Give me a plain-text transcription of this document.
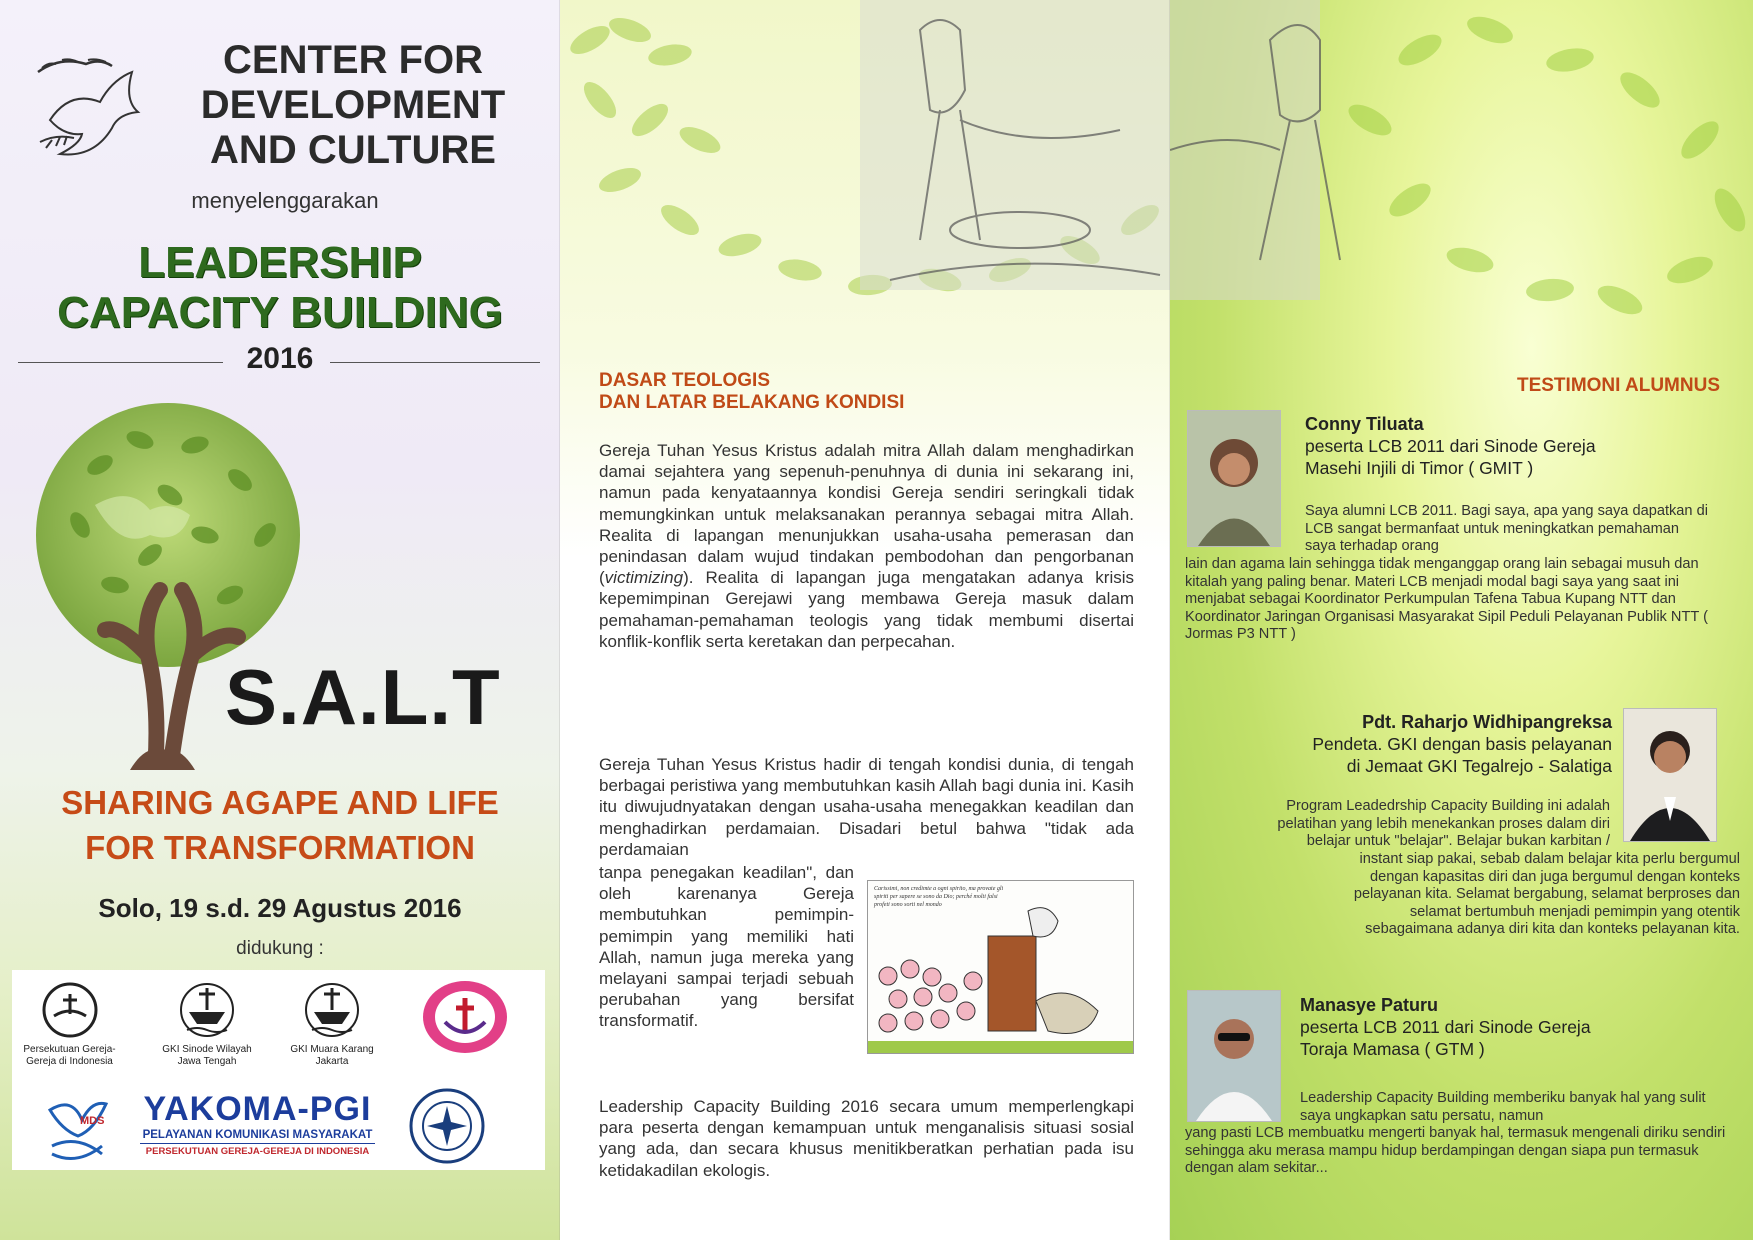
CENTER FOR
DEVELOPMENT
AND CULTURE
menyelenggarakan
LEADERSHIP
CAPACITY BUILDING
2016
S.A.L.T
SHARING AGAPE AND LIFE
FOR TRANSFORMATION
Solo, 19 s.d. 29 Agustus 2016
didukung :
Persekutuan Gereja-Gereja di Indonesia
GKI Sinode Wilayah Jawa Tengah
GKI Muara Karang Jakarta
MDS YAKOMA-PGI
PELAYANAN KOMUNIKASI MASYARAKAT
PERSEKUTUAN GEREJA-GEREJA DI INDONESIA
DASAR TEOLOGIS
DAN LATAR BELAKANG KONDISI
Gereja Tuhan Yesus Kristus adalah mitra Allah dalam menghadirkan damai sejahtera yang sepenuh-penuhnya di dunia ini sekarang ini, namun pada kenyataannya kondisi Gereja sendiri seringkali tidak memungkinkan untuk melaksanakan perannya sebagai mitra Allah. Realita di lapangan menunjukkan usaha-usaha pemerasan dan penindasan dalam wujud tindakan pembodohan dan pengorbanan (victimizing). Realita di lapangan juga mengatakan adanya krisis kepemimpinan Gerejawi yang membawa Gereja masuk dalam pemahaman-pemahaman teologis yang tidak membumi disertai konflik-konflik serta keretakan dan perpecahan.
Gereja Tuhan Yesus Kristus hadir di tengah kondisi dunia, di tengah berbagai peristiwa yang membutuhkan kasih Allah bagi dunia ini. Kasih itu diwujudnyatakan dengan usaha-usaha menegakkan keadilan dan menghadirkan perdamaian. Disadari betul bahwa "tidak ada perdamaian
tanpa penegakan keadilan", dan oleh karenanya Gereja membutuhkan pemimpin-pemimpin yang memiliki hati Allah, namun juga mereka yang melayani sampai terjadi sebuah perubahan yang bersifat transformatif.
Carissimi, non credimte a ogni spirito, ma provate gli spiriti per sapere se sono da Dio; perché molti falsi profeti sono sorti nel mondo
Leadership Capacity Building 2016 secara umum memperlengkapi para peserta dengan kemampuan untuk menganalisis situasi sosial yang ada, dan secara khusus menitikberatkan perhatian pada isu ketidakadilan ekologis.
TESTIMONI ALUMNUS
Conny Tiluata
peserta LCB 2011 dari Sinode Gereja
Masehi Injili di Timor ( GMIT )
Saya alumni LCB 2011. Bagi saya, apa yang saya dapatkan di LCB sangat bermanfaat untuk meningkatkan pemahaman saya terhadap orang
lain dan agama lain sehingga tidak menganggap orang lain sebagai musuh dan kitalah yang paling benar. Materi LCB menjadi modal bagi saya yang saat ini menjabat sebagai Koordinator Perkumpulan Tafena Tabua Kupang NTT dan Koordinator Jaringan Organisasi Masyarakat Sipil Peduli Pelayanan Publik NTT ( Jormas P3 NTT )
Pdt. Raharjo Widhipangreksa
Pendeta. GKI dengan basis pelayanan
di Jemaat GKI Tegalrejo - Salatiga
Program Leadedrship Capacity Building ini adalah
pelatihan yang lebih menekankan proses dalam diri
belajar untuk "belajar". Belajar bukan karbitan /
instant siap pakai, sebab dalam belajar kita perlu bergumul
dengan kapasitas diri dan juga bergumul dengan konteks
pelayanan kita. Selamat bergabung, selamat berproses dan
selamat bertumbuh menjadi pemimpin yang otentik
sebagaimana adanya diri kita dan konteks pelayanan kita.
Manasye Paturu
peserta LCB 2011 dari Sinode Gereja
Toraja Mamasa ( GTM )
Leadership Capacity Building memberiku banyak hal yang sulit saya ungkapkan satu persatu, namun
yang pasti LCB membuatku mengerti banyak hal, termasuk mengenali diriku sendiri sehingga aku merasa mampu hidup berdampingan dengan siapa pun termasuk dengan alam sekitar...
